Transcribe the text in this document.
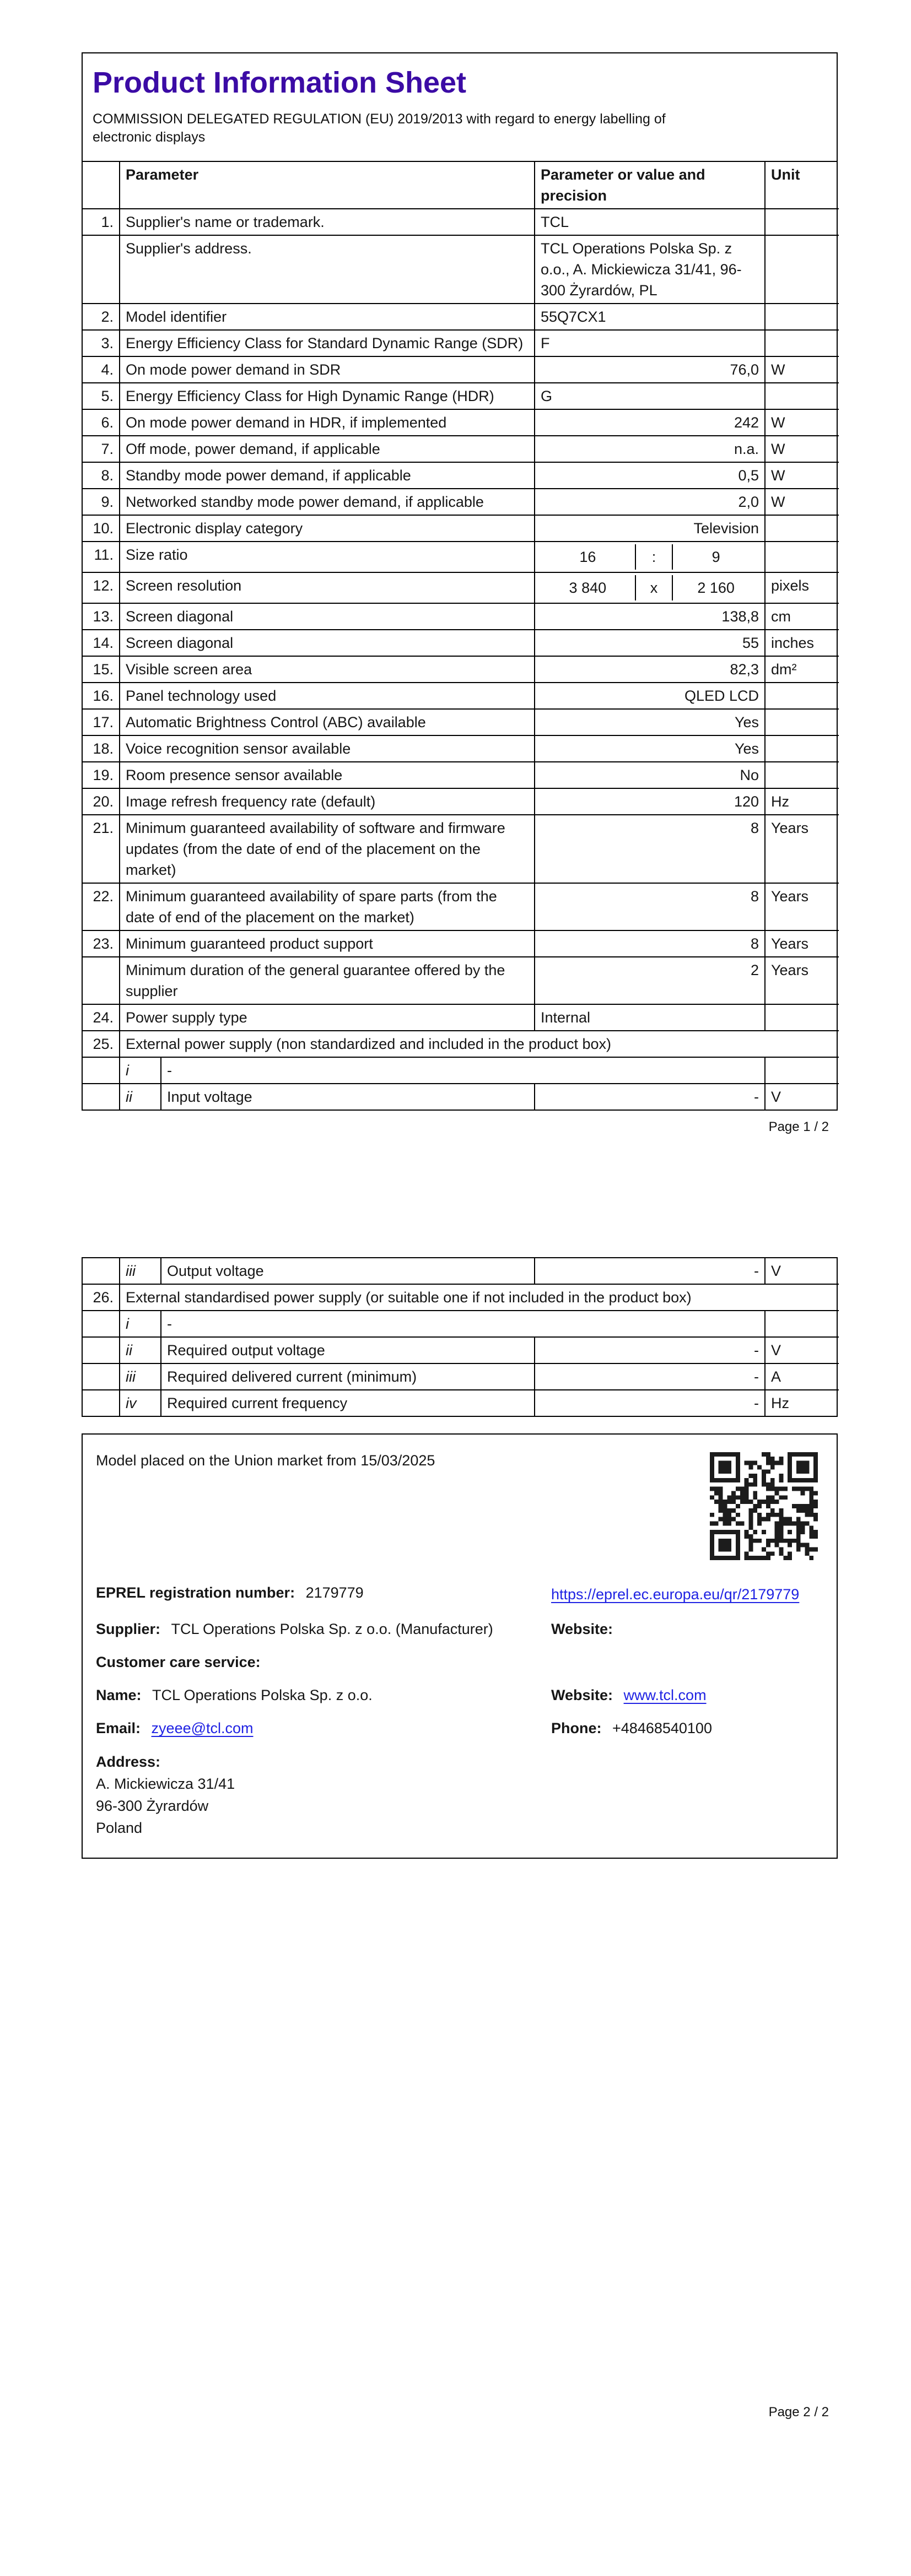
Product Information Sheet
COMMISSION DELEGATED REGULATION (EU) 2019/2013 with regard to energy labelling of electronic displays
	Parameter		Parameter or value and precision	Unit
1.	Supplier's name or trademark.		TCL	
	Supplier's address.		TCL Operations Polska Sp. z o.o., A. Mickiewicza 31/41, 96-300 Żyrardów, PL	
2.	Model identifier		55Q7CX1	
3.	Energy Efficiency Class for Standard Dynamic Range (SDR)		F	
4.	On mode power demand in SDR		76,0	W
5.	Energy Efficiency Class for High Dynamic Range (HDR)		G	
6.	On mode power demand in HDR, if implemented		242	W
7.	Off mode, power demand, if applicable		n.a.	W
8.	Standby mode power demand, if applicable		0,5	W
9.	Networked standby mode power demand, if applicable		2,0	W
10.	Electronic display category		Television	
11.	Size ratio		16 : 9	

12.	Screen resolution		3 840 x 2 160	pixels
13.	Screen diagonal		138,8	cm
14.	Screen diagonal		55	inches
15.	Visible screen area		82,3	dm²
16.	Panel technology used		QLED LCD	
17.	Automatic Brightness Control (ABC) available		Yes	
18.	Voice recognition sensor available		Yes	
19.	Room presence sensor available		No	
20.	Image refresh frequency rate (default)		120	Hz
21.	Minimum guaranteed availability of software and firmware updates (from the date of end of the placement on the market)		8	Years
22.	Minimum guaranteed availability of spare parts (from the date of end of the placement on the market)		8	Years
23.	Minimum guaranteed product support		8	Years
	Minimum duration of the general guarantee offered by the supplier		2	Years
24.	Power supply type		Internal	
25.	External power supply (non standardized and included in the product box)			
	i	-		
	ii	Input voltage	-	V
Page 1 / 2
	iii	Output voltage	-	V
26.	External standardised power supply (or suitable one if not included in the product box)			
	i	-		
	ii	Required output voltage	-	V
	iii	Required delivered current (minimum)	-	A
	iv	Required current frequency	-	Hz
Model placed on the Union market from 15/03/2025
EPREL registration number: 2179779	https://eprel.ec.europa.eu/qr/2179779
Supplier: TCL Operations Polska Sp. z o.o. (Manufacturer)	Website:
Customer care service:
Name: TCL Operations Polska Sp. z o.o.	Website: www.tcl.com
Email: zyeee@tcl.com	Phone: +48468540100
Address:
A. Mickiewicza 31/41
96-300 Żyrardów
Poland
Page 2 / 2
